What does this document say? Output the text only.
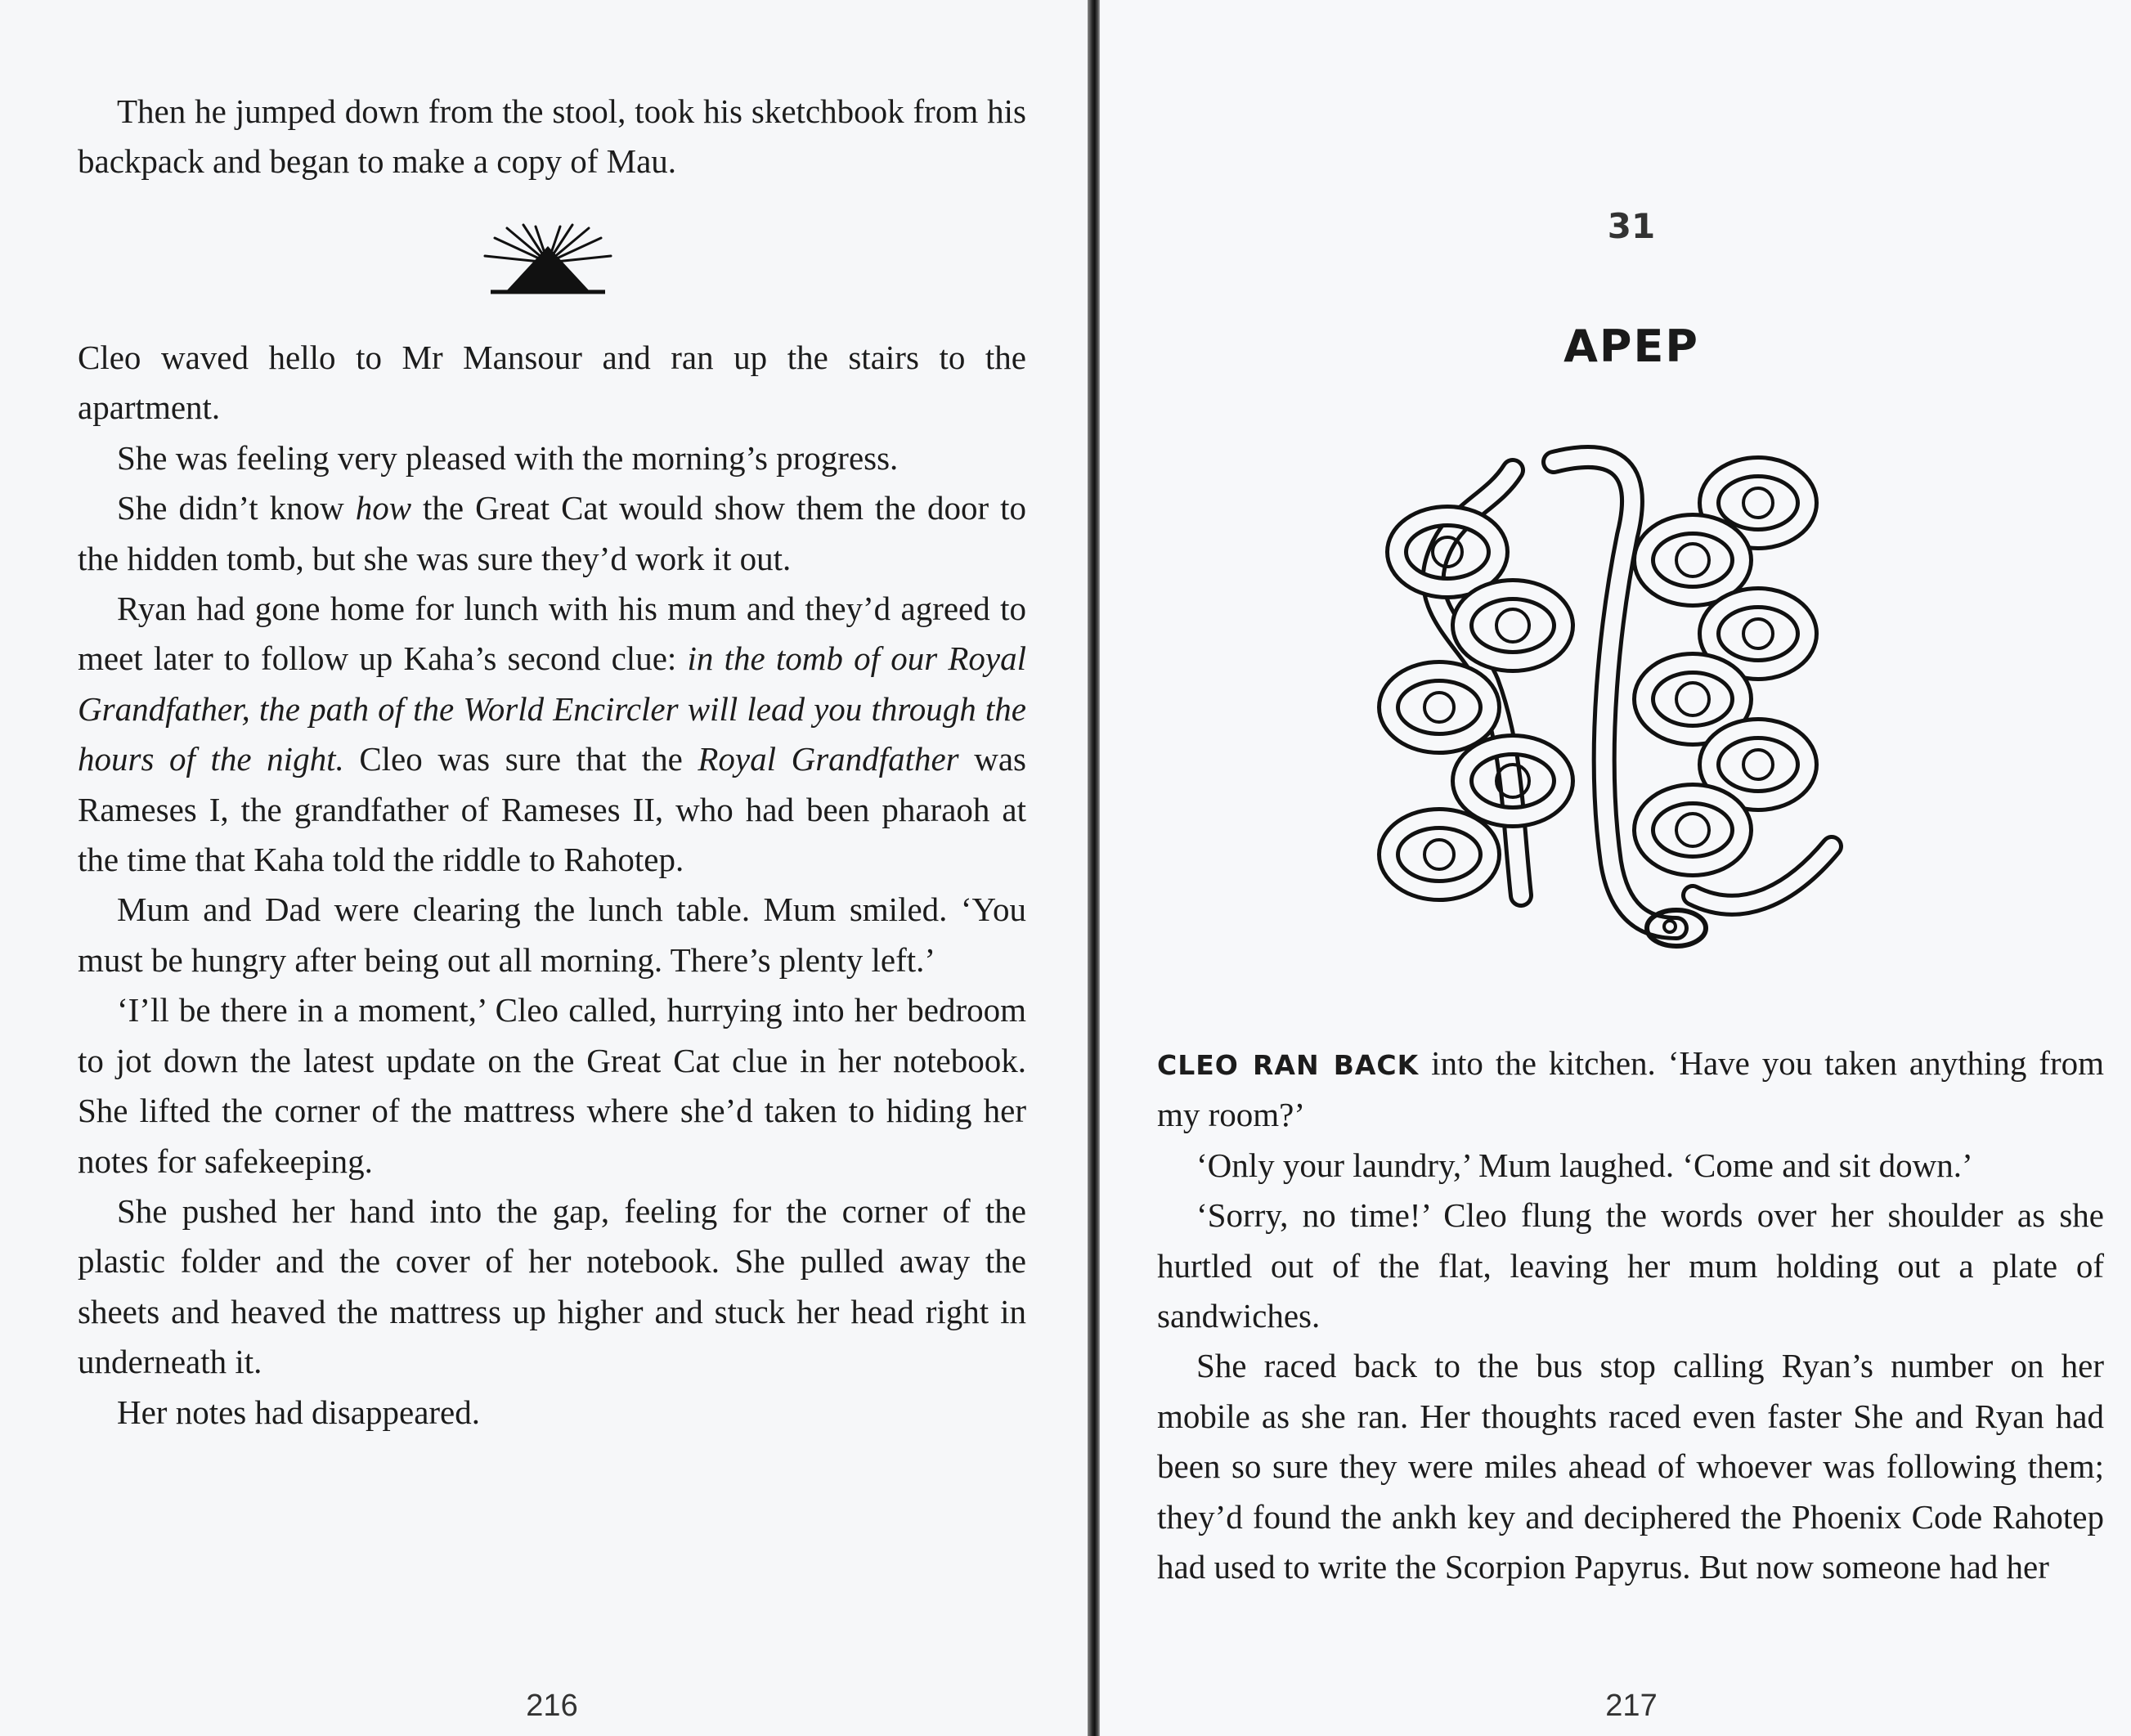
Then he jumped down from the stool, took his sketchbook from his backpack and began to make a copy of Mau.

Cleo waved hello to Mr Mansour and ran up the stairs to the apartment.

She was feeling very pleased with the morning’s progress.

She didn’t know how the Great Cat would show them the door to the hidden tomb, but she was sure they’d work it out.

Ryan had gone home for lunch with his mum and they’d agreed to meet later to follow up Kaha’s second clue: in the tomb of our Royal Grandfather, the path of the World Encircler will lead you through the hours of the night. Cleo was sure that the Royal Grandfather was Rameses I, the grandfather of Rameses II, who had been pharaoh at the time that Kaha told the riddle to Rahotep.

Mum and Dad were clearing the lunch table. Mum smiled. ‘You must be hungry after being out all morning. There’s plenty left.’

‘I’ll be there in a moment,’ Cleo called, hurrying into her bedroom to jot down the latest update on the Great Cat clue in her notebook. She lifted the corner of the mattress where she’d taken to hiding her notes for safekeeping.

She pushed her hand into the gap, feeling for the corner of the plastic folder and the cover of her notebook. She pulled away the sheets and heaved the mattress up higher and stuck her head right in underneath it.

Her notes had disappeared.

216
31
APEP

CLEO RAN BACK into the kitchen. ‘Have you taken anything from my room?’

‘Only your laundry,’ Mum laughed. ‘Come and sit down.’

‘Sorry, no time!’ Cleo flung the words over her shoulder as she hurtled out of the flat, leaving her mum holding out a plate of sandwiches.

She raced back to the bus stop calling Ryan’s number on her mobile as she ran. Her thoughts raced even faster She and Ryan had been so sure they were miles ahead of whoever was following them; they’d found the ankh key and deciphered the Phoenix Code Rahotep had used to write the Scorpion Papyrus. But now someone had her

217
